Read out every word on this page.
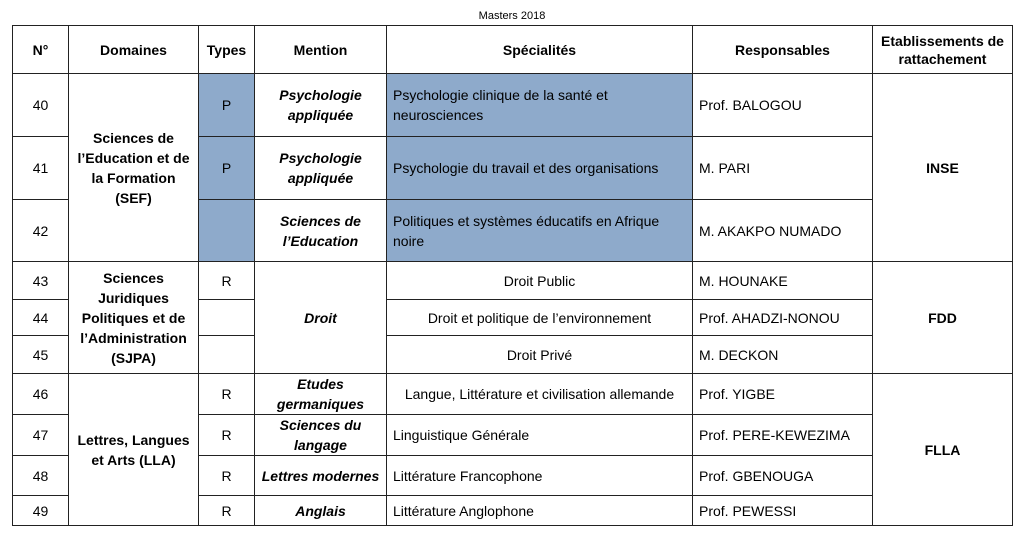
Masters 2018
N°	Domaines	Types	Mention	Spécialités	Responsables	Etablissements de rattachement
40	Sciences de l’Education et de la Formation (SEF)	P	Psychologie appliquée	Psychologie clinique de la santé et neurosciences	Prof. BALOGOU	INSE
41		P	Psychologie appliquée	Psychologie du travail et des organisations	M. PARI	
42			Sciences de l’Education	Politiques et systèmes éducatifs en Afrique noire	M. AKAKPO NUMADO	
43	Sciences Juridiques Politiques et de l’Administration (SJPA)	R	Droit	Droit Public	M. HOUNAKE	FDD
44				Droit et politique de l’environnement	Prof. AHADZI-NONOU	
45				Droit Privé	M. DECKON	
46	Lettres, Langues et Arts (LLA)	R	Etudes germaniques	Langue, Littérature et civilisation allemande	Prof. YIGBE	FLLA
47		R	Sciences du langage	Linguistique Générale	Prof. PERE-KEWEZIMA	
48		R	Lettres modernes	Littérature Francophone	Prof. GBENOUGA	
49		R	Anglais	Littérature Anglophone	Prof. PEWESSI	
